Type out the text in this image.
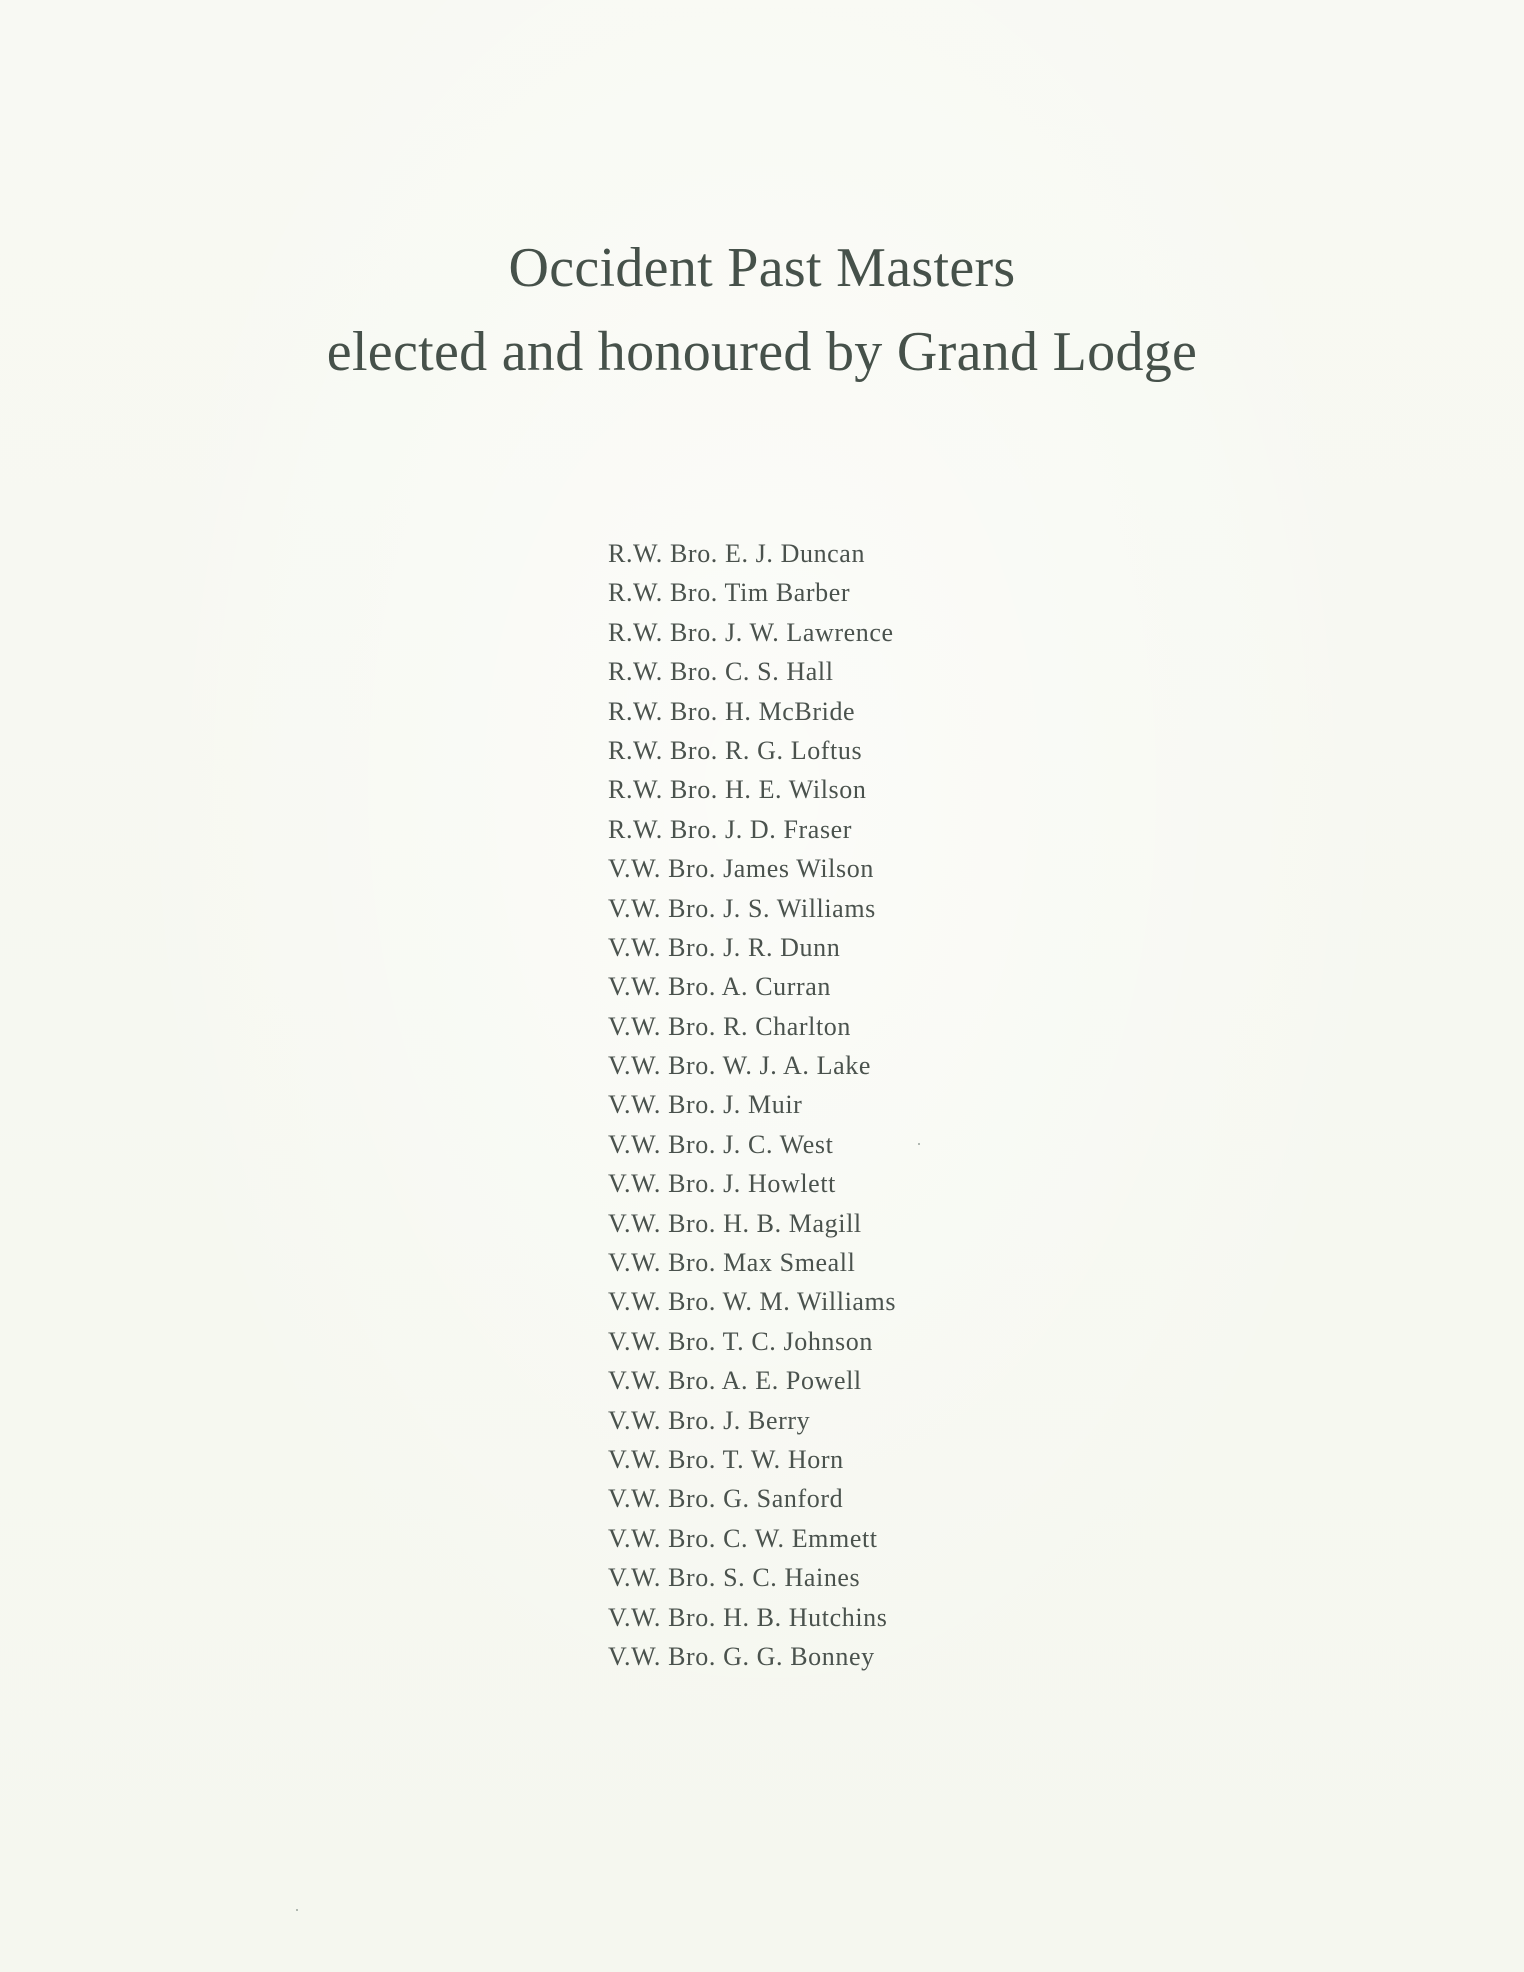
Occident Past Masters
elected and honoured by Grand Lodge
R.W. Bro. E. J. Duncan
R.W. Bro. Tim Barber
R.W. Bro. J. W. Lawrence
R.W. Bro. C. S. Hall
R.W. Bro. H. McBride
R.W. Bro. R. G. Loftus
R.W. Bro. H. E. Wilson
R.W. Bro. J. D. Fraser
V.W. Bro. James Wilson
V.W. Bro. J. S. Williams
V.W. Bro. J. R. Dunn
V.W. Bro. A. Curran
V.W. Bro. R. Charlton
V.W. Bro. W. J. A. Lake
V.W. Bro. J. Muir
V.W. Bro. J. C. West
V.W. Bro. J. Howlett
V.W. Bro. H. B. Magill
V.W. Bro. Max Smeall
V.W. Bro. W. M. Williams
V.W. Bro. T. C. Johnson
V.W. Bro. A. E. Powell
V.W. Bro. J. Berry
V.W. Bro. T. W. Horn
V.W. Bro. G. Sanford
V.W. Bro. C. W. Emmett
V.W. Bro. S. C. Haines
V.W. Bro. H. B. Hutchins
V.W. Bro. G. G. Bonney
